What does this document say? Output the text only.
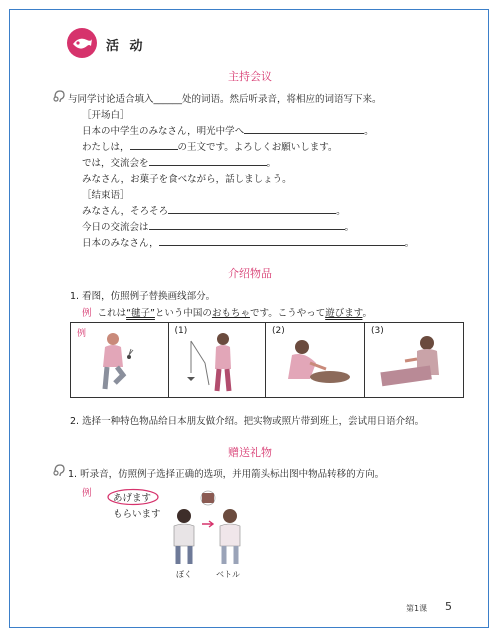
活 动
主持会议
与同学讨论适合填入______处的词语。然后听录音，将相应的词语写下来。
［开场白］
日本の中学生のみなさん，明光中学へ	。
わたしは，	の王文です。よろしくお願いします。
では，交流会を	。
みなさん，お菓子を食べながら，話しましょう。
［结束语］
みなさん，そろそろ	。
今日の交流会は	。
日本のみなさん，	。
介绍物品
1. 看图，仿照例子替换画线部分。
例 これは“毽子”という中国のおもちゃです。こうやって遊びます。
例	(1)	(2)	(3)
2. 选择一种特色物品给日本朋友做介绍。把实物或照片带到班上，尝试用日语介绍。
赠送礼物
1. 听录音，仿照例子选择正确的选项，并用箭头标出图中物品转移的方向。
例 あげます
もらいます
ぼく	ベトル
第1课 5
